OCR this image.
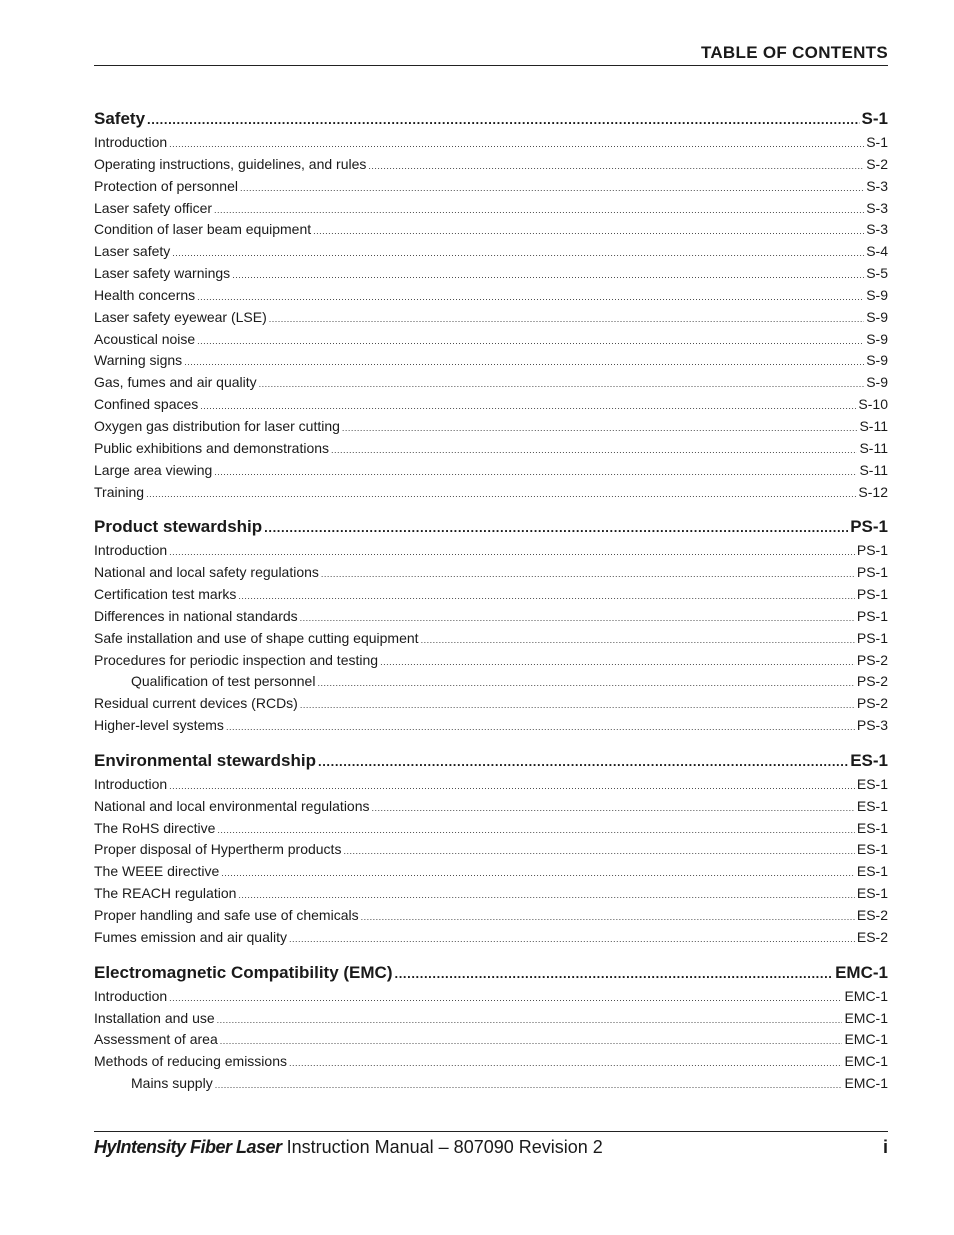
TABLE OF CONTENTS
Safety .....	S-1
Introduction .....	S-1
Operating instructions, guidelines, and rules .....	S-2
Protection of personnel .....	S-3
Laser safety officer .....	S-3
Condition of laser beam equipment .....	S-3
Laser safety .....	S-4
Laser safety warnings .....	S-5
Health concerns .....	S-9
Laser safety eyewear (LSE) .....	S-9
Acoustical noise .....	S-9
Warning signs .....	S-9
Gas, fumes and air quality .....	S-9
Confined spaces .....	S-10
Oxygen gas distribution for laser cutting .....	S-11
Public exhibitions and demonstrations .....	S-11
Large area viewing .....	S-11
Training .....	S-12
Product stewardship .....	PS-1
Introduction .....	PS-1
National and local safety regulations .....	PS-1
Certification test marks .....	PS-1
Differences in national standards .....	PS-1
Safe installation and use of shape cutting equipment .....	PS-1
Procedures for periodic inspection and testing .....	PS-2
Qualification of test personnel .....	PS-2
Residual current devices (RCDs) .....	PS-2
Higher-level systems .....	PS-3
Environmental stewardship .....	ES-1
Introduction .....	ES-1
National and local environmental regulations .....	ES-1
The RoHS directive .....	ES-1
Proper disposal of Hypertherm products .....	ES-1
The WEEE directive .....	ES-1
The REACH regulation .....	ES-1
Proper handling and safe use of chemicals .....	ES-2
Fumes emission and air quality .....	ES-2
Electromagnetic Compatibility (EMC) .....	EMC-1
Introduction .....	EMC-1
Installation and use .....	EMC-1
Assessment of area .....	EMC-1
Methods of reducing emissions .....	EMC-1
Mains supply .....	EMC-1
HyIntensity Fiber Laser Instruction Manual – 807090 Revision 2	i
